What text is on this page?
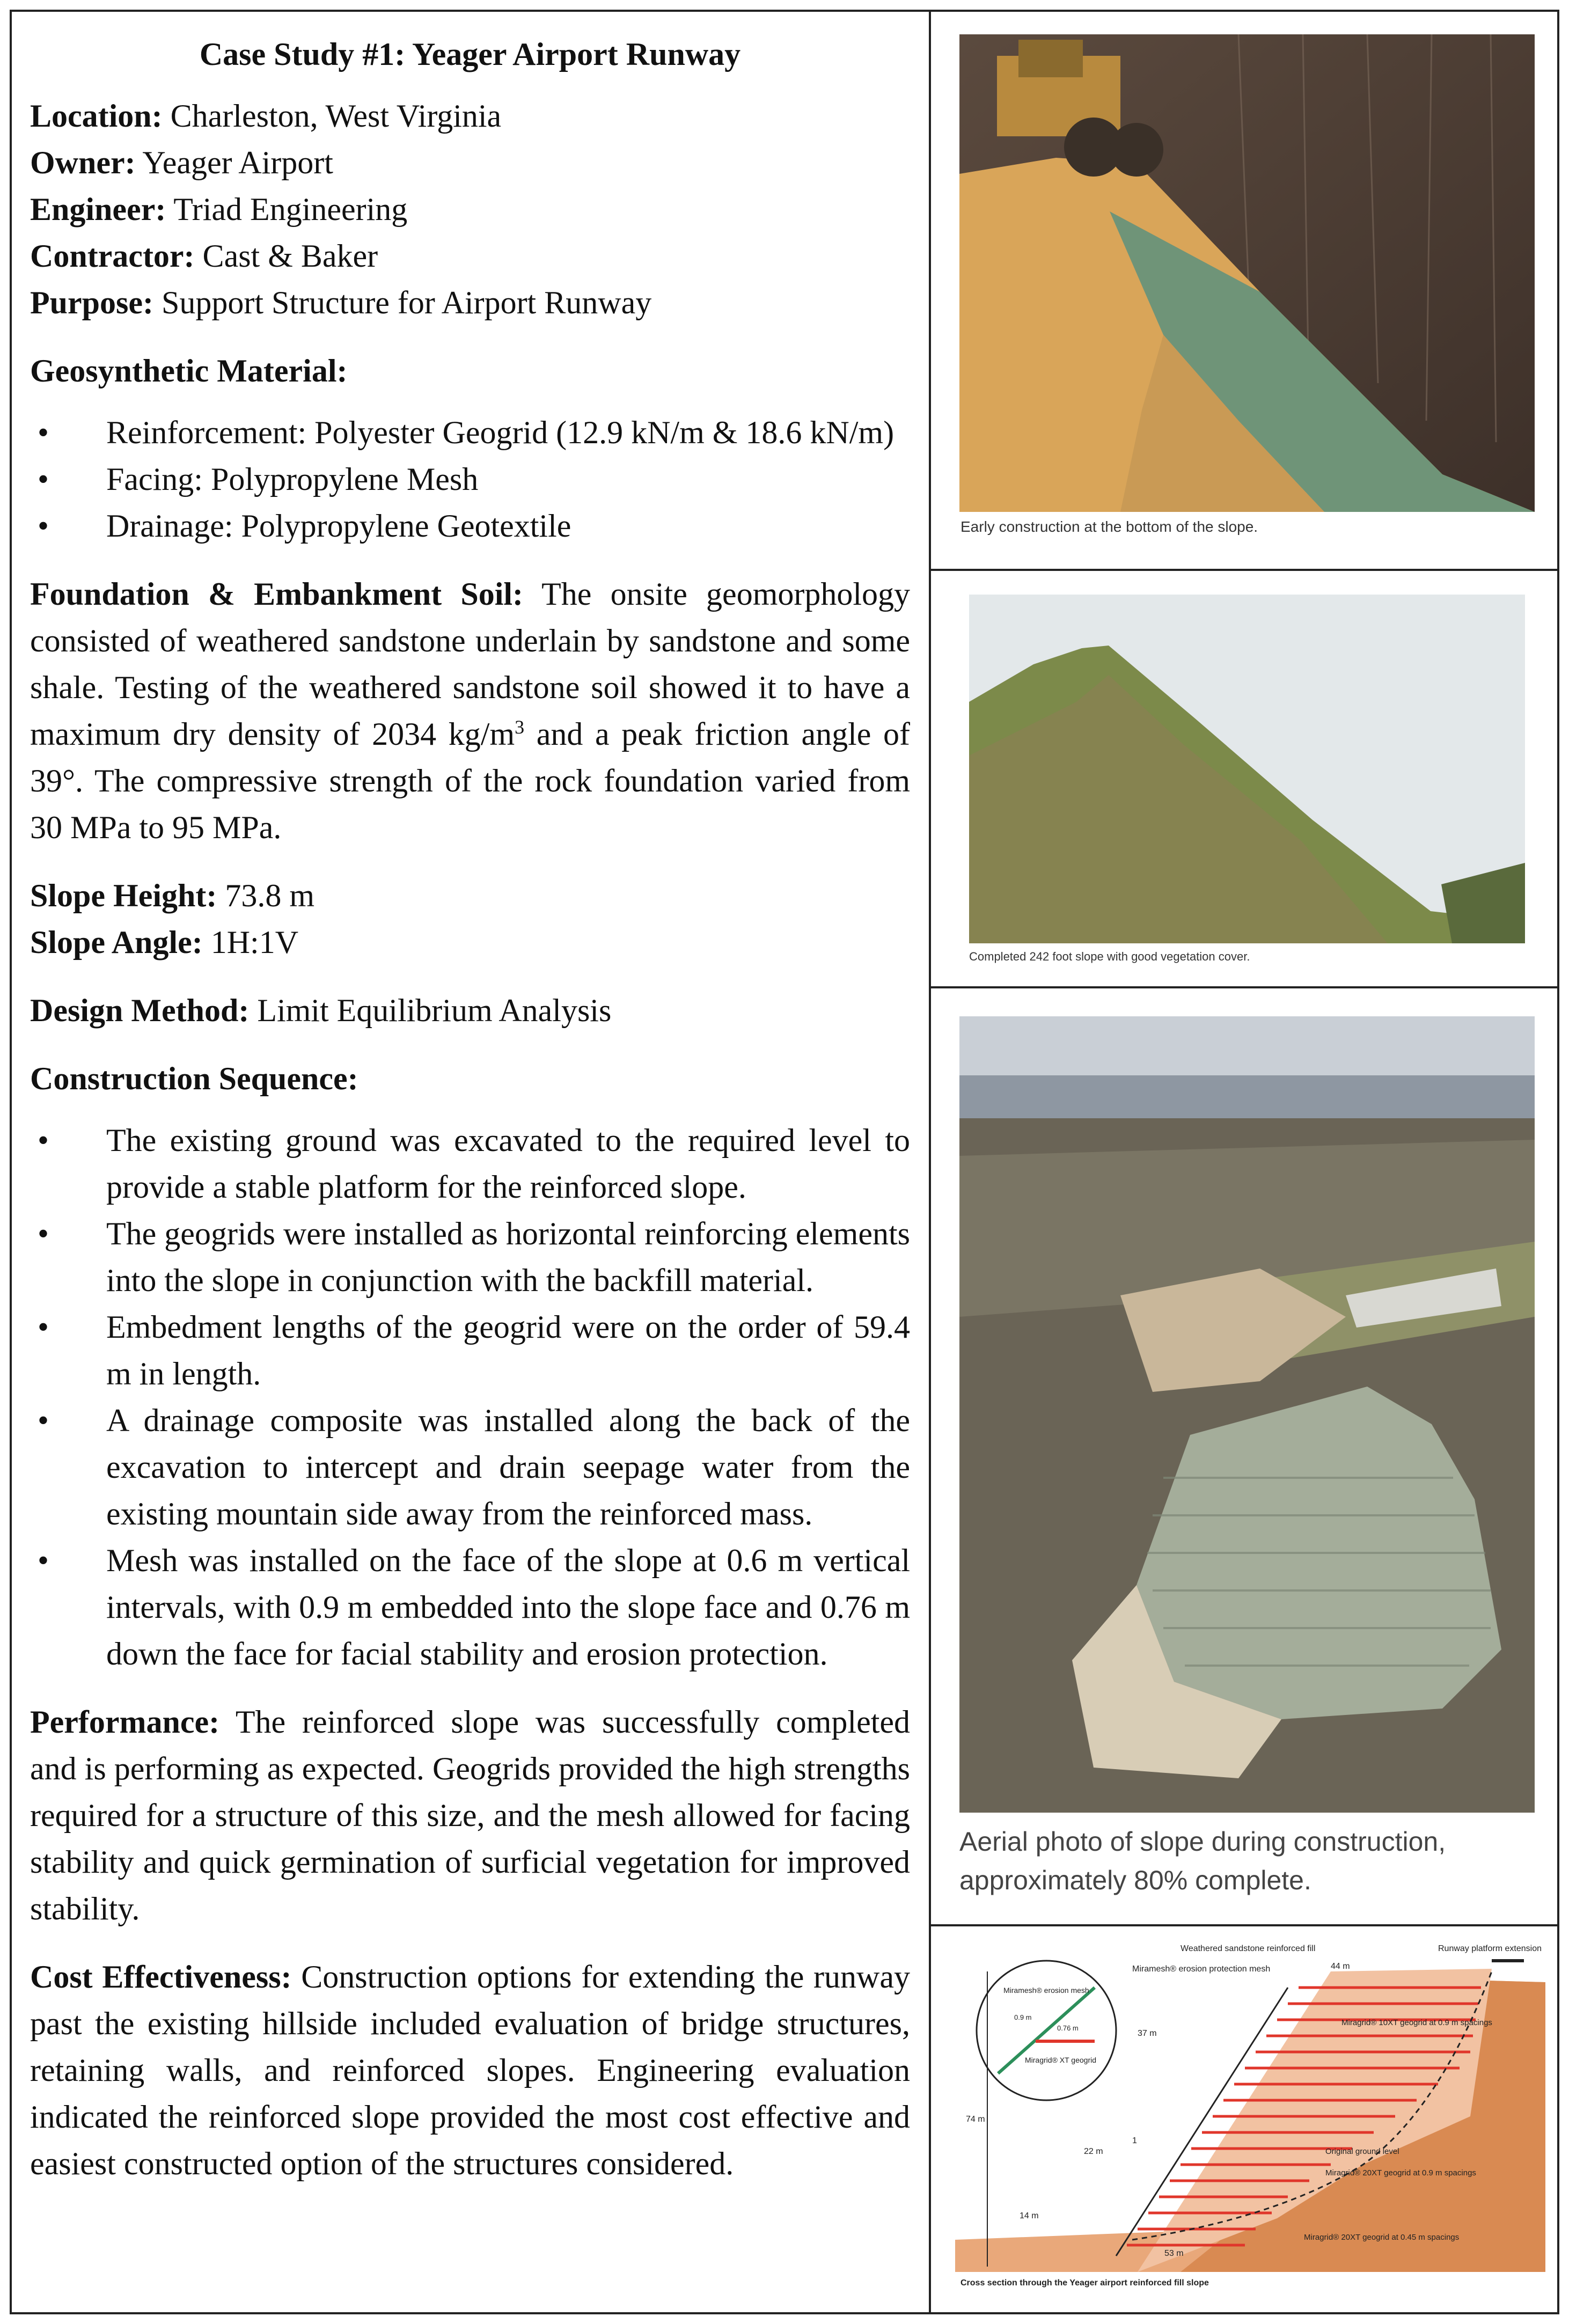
Case Study #1: Yeager Airport Runway

Location: Charleston, West Virginia
Owner: Yeager Airport
Engineer: Triad Engineering
Contractor: Cast & Baker
Purpose: Support Structure for Airport Runway
Geosynthetic Material:
• Reinforcement: Polyester Geogrid (12.9 kN/m & 18.6 kN/m)
• Facing: Polypropylene Mesh
• Drainage: Polypropylene Geotextile

Foundation & Embankment Soil: The onsite geomorphology consisted of weathered sandstone underlain by sandstone and some shale. Testing of the weathered sandstone soil showed it to have a maximum dry density of 2034 $kg/m^3$ and a peak friction angle of 39°. The compressive strength of the rock foundation varied from 30 MPa to 95 MPa.

Slope Height: 73.8 m
Slope Angle: 1H:1V
Design Method: Limit Equilibrium Analysis
Construction Sequence:
• The existing ground was excavated to the required level to provide a stable platform for the reinforced slope.
• The geogrids were installed as horizontal reinforcing elements into the slope in conjunction with the backfill material.
• Embedment lengths of the geogrid were on the order of 59.4 m in length.
• A drainage composite was installed along the back of the excavation to intercept and drain seepage water from the existing mountain side away from the reinforced mass.
• Mesh was installed on the face of the slope at 0.6 m vertical intervals, with 0.9 m embedded into the slope face and 0.76 m down the face for facial stability and erosion protection.

Performance: The reinforced slope was successfully completed and is performing as expected. Geogrids provided the high strengths required for a structure of this size, and the mesh allowed for facing stability and quick germination of surficial vegetation for improved stability.

Cost Effectiveness: Construction options for extending the runway past the existing hillside included evaluation of bridge structures, retaining walls, and reinforced slopes. Engineering evaluation indicated the reinforced slope provided the most cost effective and easiest constructed option of the structures considered.

Early construction at the bottom of the slope.
Completed 242 foot slope with good vegetation cover.
Aerial photo of slope during construction, approximately 80% complete.
Weathered sandstone reinforced fill	Runway platform extension
Miramesh® erosion mesh
Miragrid® XT geogrid
Miramesh® erosion protection mesh
Miragrid® 10XT geogrid at 0.9 m spacings
Miragrid® 20XT geogrid at 0.9 m spacings
Miragrid® 20XT geogrid at 0.45 m spacings
Original ground level
44 m
74 m
37 m
22 m
14 m
53 m
0.76 m
0.9 m
1
Cross section through the Yeager airport reinforced fill slope
